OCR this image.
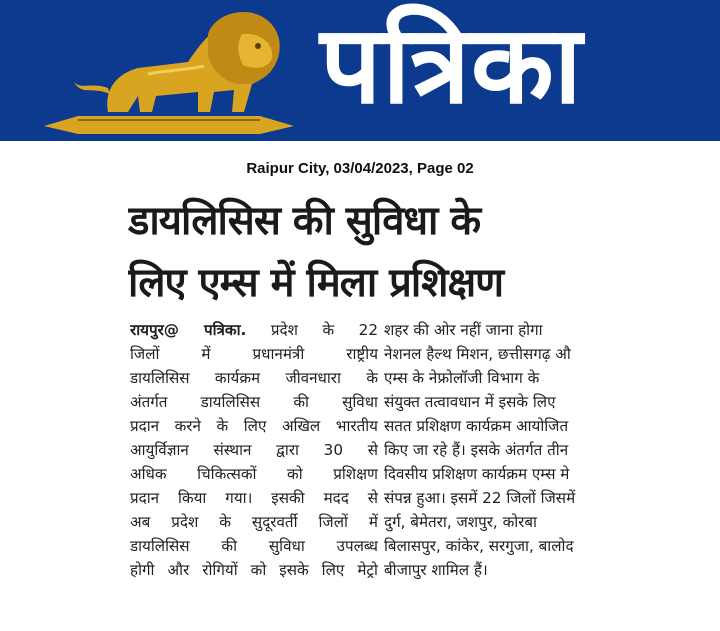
पत्रिका
Raipur City, 03/04/2023, Page 02
डायलिसिस की सुविधा के
लिए एम्स में मिला प्रशिक्षण
रायपुर@ पत्रिका. प्रदेश के 22
जिलों में प्रधानमंत्री राष्ट्रीय
डायलिसिस कार्यक्रम जीवनधारा के
अंतर्गत डायलिसिस की सुविधा
प्रदान करने के लिए अखिल भारतीय
आयुर्विज्ञान संस्थान द्वारा 30 से
अधिक चिकित्सकों को प्रशिक्षण
प्रदान किया गया। इसकी मदद से
अब प्रदेश के सुदूरवर्ती जिलों में
डायलिसिस की सुविधा उपलब्ध
होगी और रोगियों को इसके लिए मेट्रो
शहर की ओर नहीं जाना होगा
नेशनल हैल्थ मिशन, छत्तीसगढ़ औ
एम्स के नेफ्रोलॉजी विभाग के
संयुक्त तत्वावधान में इसके लिए
सतत प्रशिक्षण कार्यक्रम आयोजित
किए जा रहे हैं। इसके अंतर्गत तीन
दिवसीय प्रशिक्षण कार्यक्रम एम्स मे
संपन्न हुआ। इसमें 22 जिलों जिसमें
दुर्ग, बेमेतरा, जशपुर, कोरबा
बिलासपुर, कांकेर, सरगुजा, बालोद
बीजापुर शामिल हैं।
